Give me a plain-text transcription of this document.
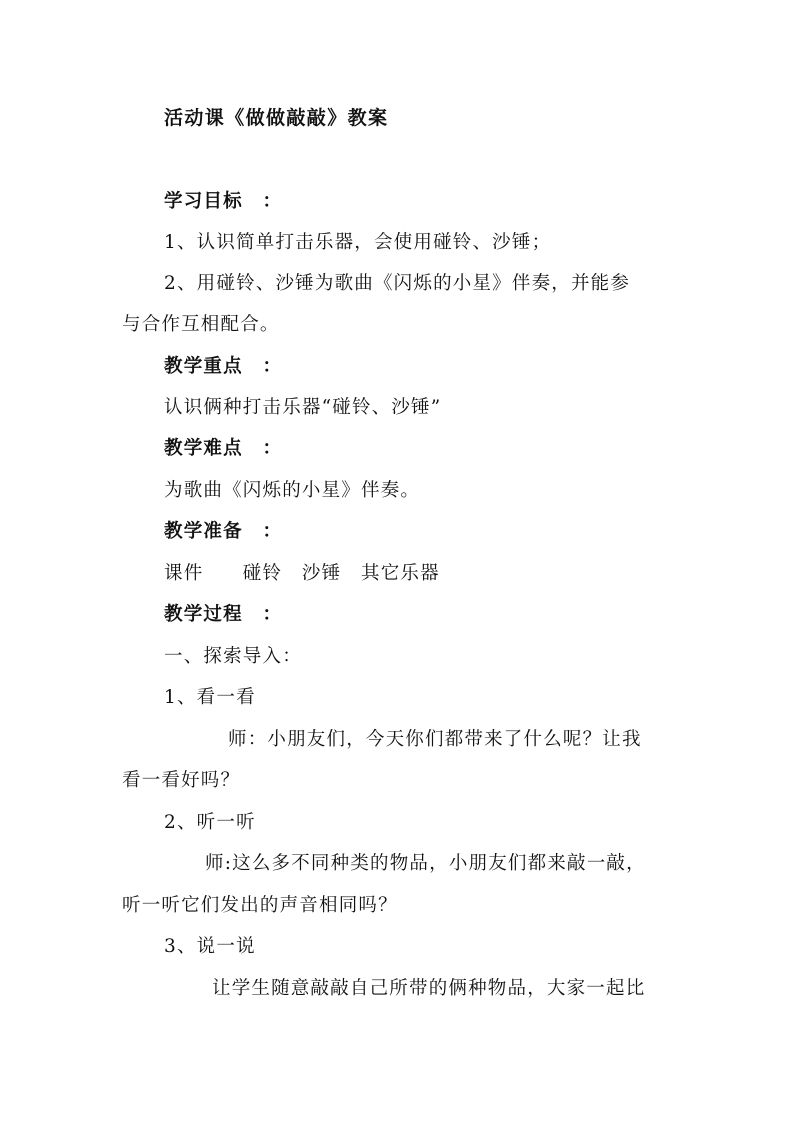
活动课《做做敲敲》教案
学习目标　：
1、认识简单打击乐器，会使用碰铃、沙锤；
2、用碰铃、沙锤为歌曲《闪烁的小星》伴奏，并能参
与合作互相配合。
教学重点　：
认识俩种打击乐器“碰铃、沙锤”
教学难点　：
为歌曲《闪烁的小星》伴奏。
教学准备　：
课件　　碰铃　沙锤　其它乐器
教学过程　：
一、探索导入：
1、看一看
师：小朋友们，今天你们都带来了什么呢？让我
看一看好吗？
2、听一听
师:这么多不同种类的物品，小朋友们都来敲一敲，
听一听它们发出的声音相同吗？
3、说一说
让学生随意敲敲自己所带的俩种物品，大家一起比
